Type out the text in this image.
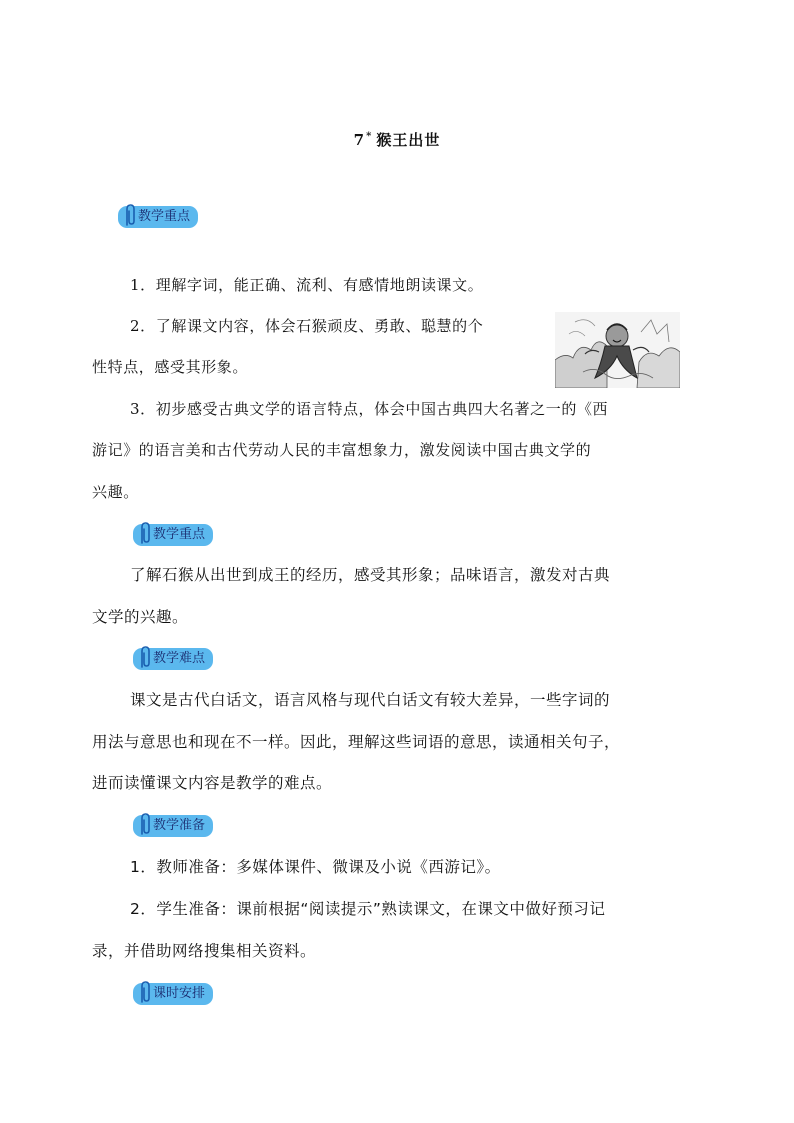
7* 猴王出世
教学重点
1．理解字词，能正确、流利、有感情地朗读课文。
2．了解课文内容，体会石猴顽皮、勇敢、聪慧的个
性特点，感受其形象。
3．初步感受古典文学的语言特点，体会中国古典四大名著之一的《西
游记》的语言美和古代劳动人民的丰富想象力，激发阅读中国古典文学的
兴趣。
教学重点
了解石猴从出世到成王的经历，感受其形象；品味语言，激发对古典
文学的兴趣。
教学难点
课文是古代白话文，语言风格与现代白话文有较大差异，一些字词的
用法与意思也和现在不一样。因此，理解这些词语的意思，读通相关句子，
进而读懂课文内容是教学的难点。
教学准备
1．教师准备：多媒体课件、微课及小说《西游记》。
2．学生准备：课前根据“阅读提示”熟读课文，在课文中做好预习记
录，并借助网络搜集相关资料。
课时安排
